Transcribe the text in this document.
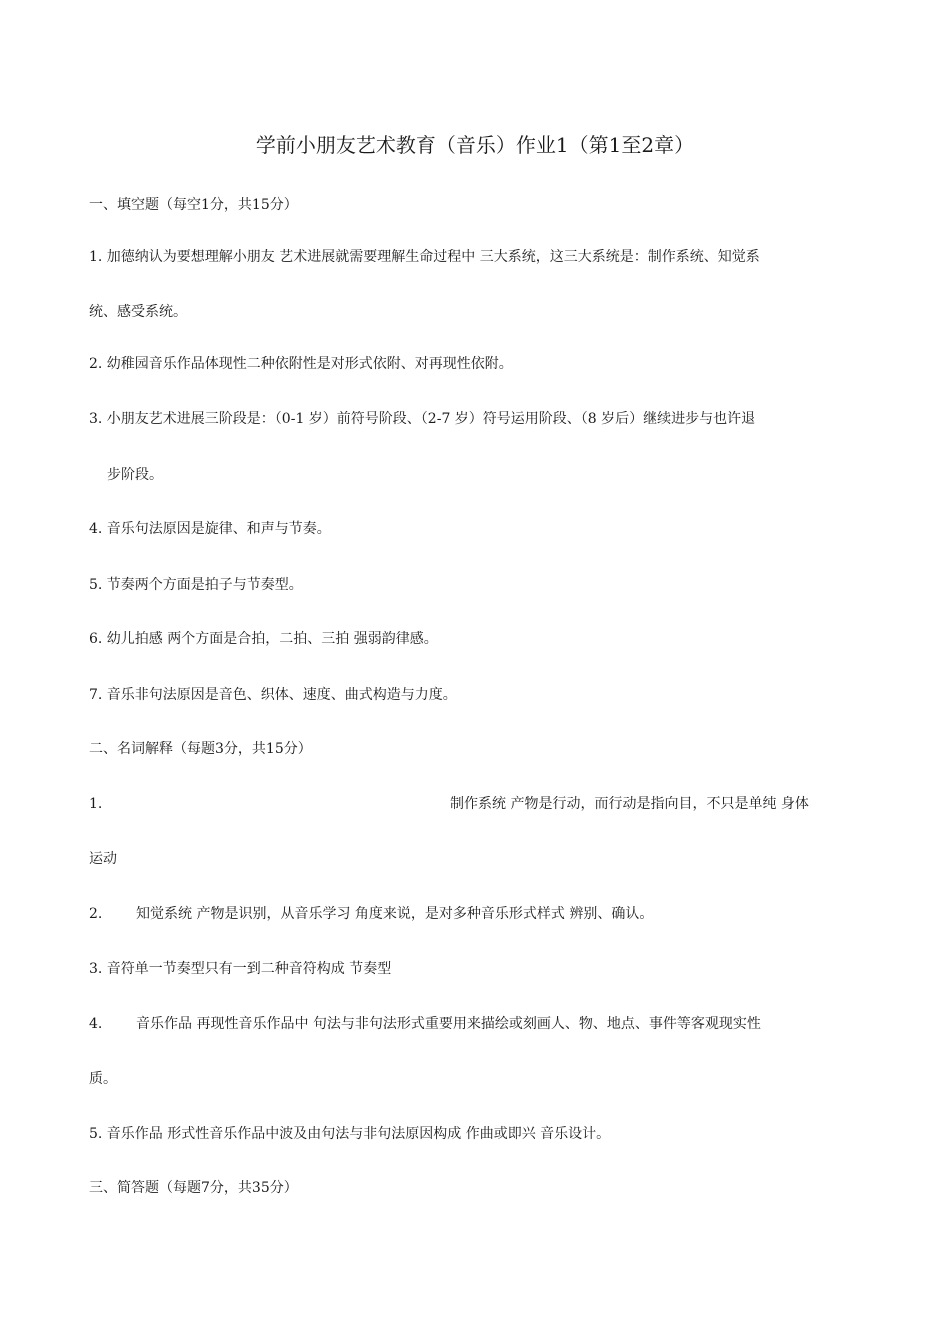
学前小朋友艺术教育（音乐）作业1（第1至2章）
一、填空题（每空1分，共15分）
1. 加德纳认为要想理解小朋友 艺术进展就需要理解生命过程中 三大系统，这三大系统是：制作系统、知觉系
统、感受系统。
2. 幼稚园音乐作品体现性二种依附性是对形式依附、对再现性依附。
3. 小朋友艺术进展三阶段是：（0-1 岁）前符号阶段、（2-7 岁）符号运用阶段、（8 岁后）继续进步与也许退
步阶段。
4. 音乐句法原因是旋律、和声与节奏。
5. 节奏两个方面是拍子与节奏型。
6. 幼儿拍感 两个方面是合拍，二拍、三拍 强弱韵律感。
7. 音乐非句法原因是音色、织体、速度、曲式构造与力度。
二、名词解释（每题3分，共15分）
1.	制作系统 产物是行动，而行动是指向目，不只是单纯 身体
运动
2.	知觉系统 产物是识别，从音乐学习 角度来说，是对多种音乐形式样式 辨别、确认。
3. 音符单一节奏型只有一到二种音符构成 节奏型
4.	音乐作品 再现性音乐作品中 句法与非句法形式重要用来描绘或刻画人、物、地点、事件等客观现实性
质。
5. 音乐作品 形式性音乐作品中波及由句法与非句法原因构成 作曲或即兴 音乐设计。
三、简答题（每题7分，共35分）
